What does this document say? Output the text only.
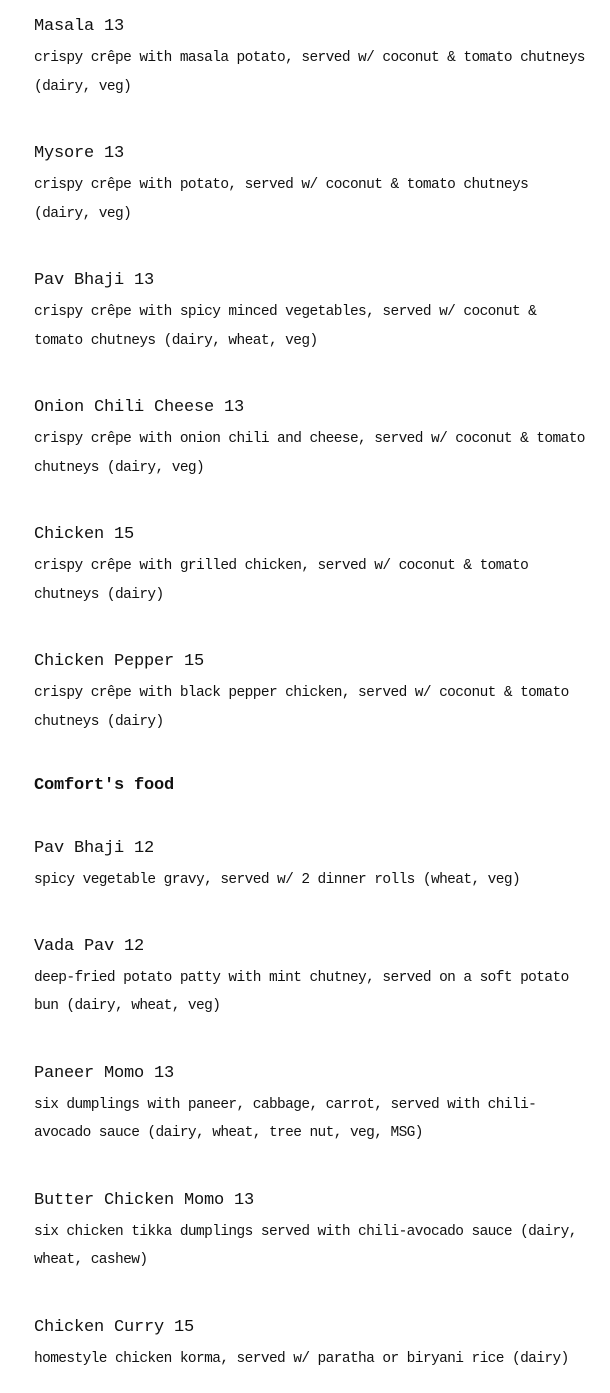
Masala 13

crispy crêpe with masala potato, served w/ coconut & tomato chutneys (dairy, veg)

Mysore 13

crispy crêpe with potato, served w/ coconut & tomato chutneys (dairy, veg)

Pav Bhaji 13

crispy crêpe with spicy minced vegetables, served w/ coconut & tomato chutneys (dairy, wheat, veg)

Onion Chili Cheese 13

crispy crêpe with onion chili and cheese, served w/ coconut & tomato chutneys (dairy, veg)

Chicken 15

crispy crêpe with grilled chicken, served w/ coconut & tomato chutneys (dairy)

Chicken Pepper 15

crispy crêpe with black pepper chicken, served w/ coconut & tomato chutneys (dairy)

Comfort's food
Pav Bhaji 12

spicy vegetable gravy, served w/ 2 dinner rolls (wheat, veg)

Vada Pav 12

deep-fried potato patty with mint chutney, served on a soft potato bun (dairy, wheat, veg)

Paneer Momo 13

six dumplings with paneer, cabbage, carrot, served with chili-avocado sauce (dairy, wheat, tree nut, veg, MSG)

Butter Chicken Momo 13

six chicken tikka dumplings served with chili-avocado sauce (dairy, wheat, cashew)

Chicken Curry 15

homestyle chicken korma, served w/ paratha or biryani rice (dairy)
